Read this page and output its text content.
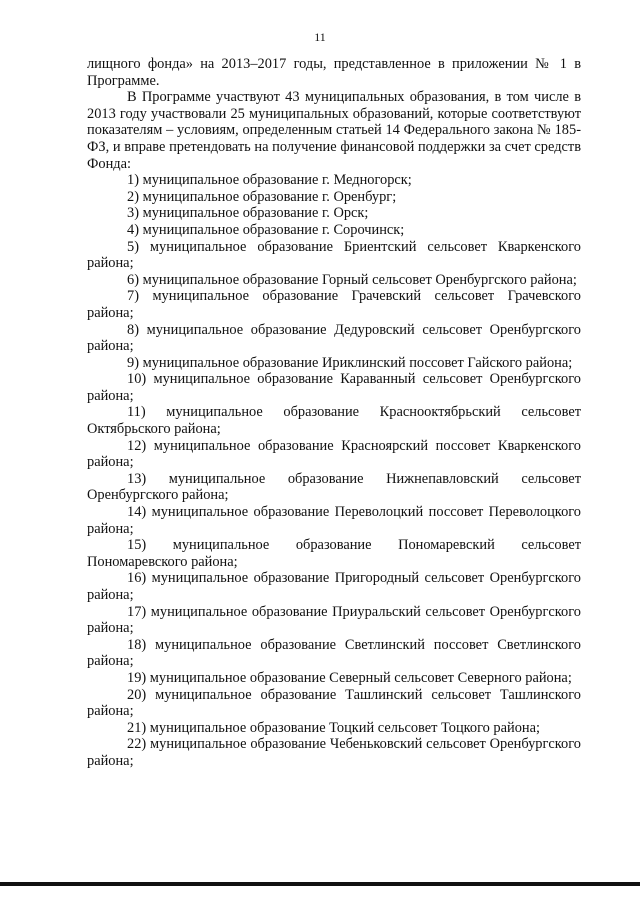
11

лищного фонда» на 2013–2017 годы, представленное в приложении № 1 в Программе.

В Программе участвуют 43 муниципальных образования, в том числе в 2013 году участвовали 25 муниципальных образований, которые соответствуют показателям – условиям, определенным статьей 14 Федерального закона № 185-ФЗ, и вправе претендовать на получение финансовой поддержки за счет средств Фонда:

1) муниципальное образование г. Медногорск;

2) муниципальное образование г. Оренбург;

3) муниципальное образование г. Орск;

4) муниципальное образование г. Сорочинск;

5) муниципальное образование Бриентский сельсовет Кваркенского района;

6) муниципальное образование Горный сельсовет Оренбургского района;

7) муниципальное образование Грачевский сельсовет Грачевского района;

8) муниципальное образование Дедуровский сельсовет Оренбургского района;

9) муниципальное образование Ириклинский поссовет Гайского района;

10) муниципальное образование Караванный сельсовет Оренбургского района;

11) муниципальное образование Краснооктябрьский сельсовет Октябрьского района;

12) муниципальное образование Красноярский поссовет Кваркенского района;

13) муниципальное образование Нижнепавловский сельсовет Оренбургского района;

14) муниципальное образование Переволоцкий поссовет Переволоцкого района;

15) муниципальное образование Пономаревский сельсовет Пономаревского района;

16) муниципальное образование Пригородный сельсовет Оренбургского района;

17) муниципальное образование Приуральский сельсовет Оренбургского района;

18) муниципальное образование Светлинский поссовет Светлинского района;

19) муниципальное образование Северный сельсовет Северного района;

20) муниципальное образование Ташлинский сельсовет Ташлинского района;

21) муниципальное образование Тоцкий сельсовет Тоцкого района;

22) муниципальное образование Чебеньковский сельсовет Оренбургского района;
